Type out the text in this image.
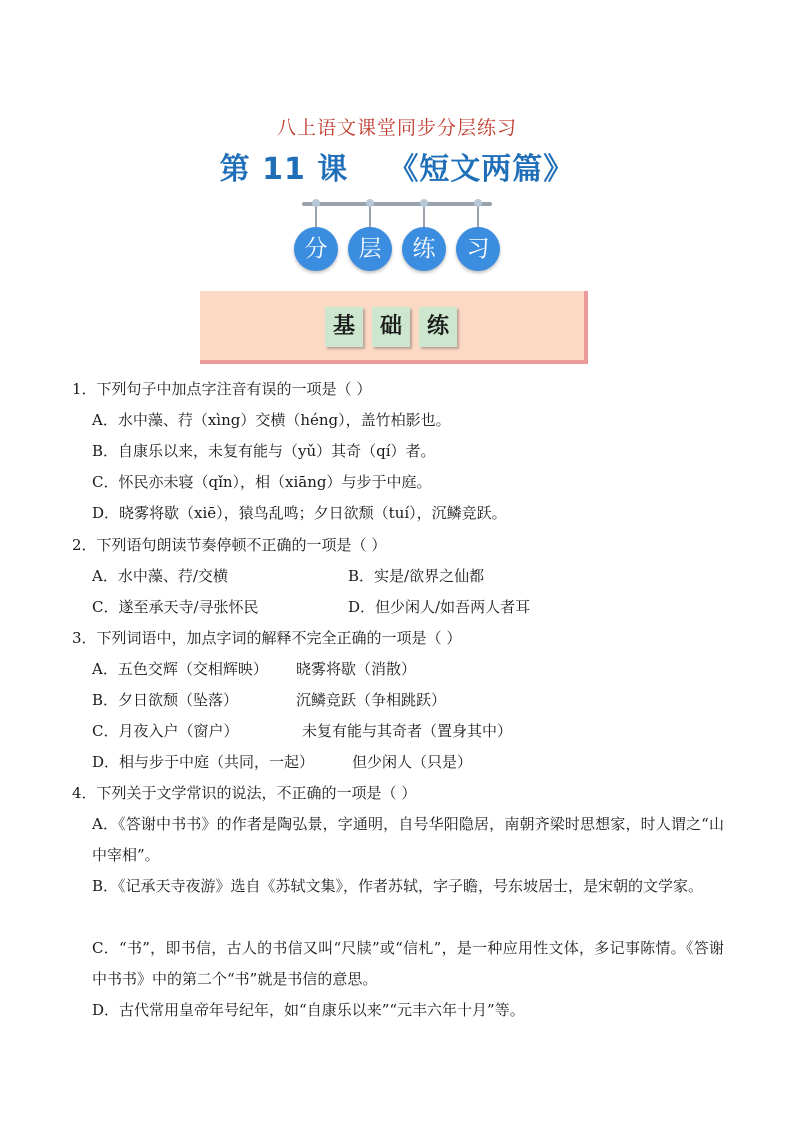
八上语文课堂同步分层练习
第 11 课 《短文两篇》
分	层	练	习
基	础	练
1．下列句子中加点字注音有误的一项是（ ）
A．水中藻、荇（xìng）交横（héng），盖竹柏影也。
B．自康乐以来，未复有能与（yǔ）其奇（qí）者。
C．怀民亦未寝（qǐn），相（xiāng）与步于中庭。
D．晓雾将歇（xiē），猿鸟乱鸣；夕日欲颓（tuí），沉鳞竞跃。
2．下列语句朗读节奏停顿不正确的一项是（ ）
A．水中藻、荇/交横	B．实是/欲界之仙都
C．遂至承天寺/寻张怀民	D．但少闲人/如吾两人者耳
3．下列词语中，加点字词的解释不完全正确的一项是（ ）
A．五色交辉（交相辉映） 晓雾将歇（消散）
B．夕日欲颓（坠落）	沉鳞竞跃（争相跳跃）
C．月夜入户（窗户）	未复有能与其奇者（置身其中）
D．相与步于中庭（共同，一起）	但少闲人（只是）
4．下列关于文学常识的说法，不正确的一项是（ ）
A．《答谢中书书》的作者是陶弘景，字通明，自号华阳隐居，南朝齐梁时思想家，时人谓之“山中宰相”。
B．《记承天寺夜游》选自《苏轼文集》，作者苏轼，字子瞻，号东坡居士，是宋朝的文学家。
C．“书”，即书信，古人的书信又叫“尺牍”或“信札”，是一种应用性文体，多记事陈情。《答谢中书书》中的第二个“书”就是书信的意思。
D．古代常用皇帝年号纪年，如“自康乐以来”“元丰六年十月”等。
